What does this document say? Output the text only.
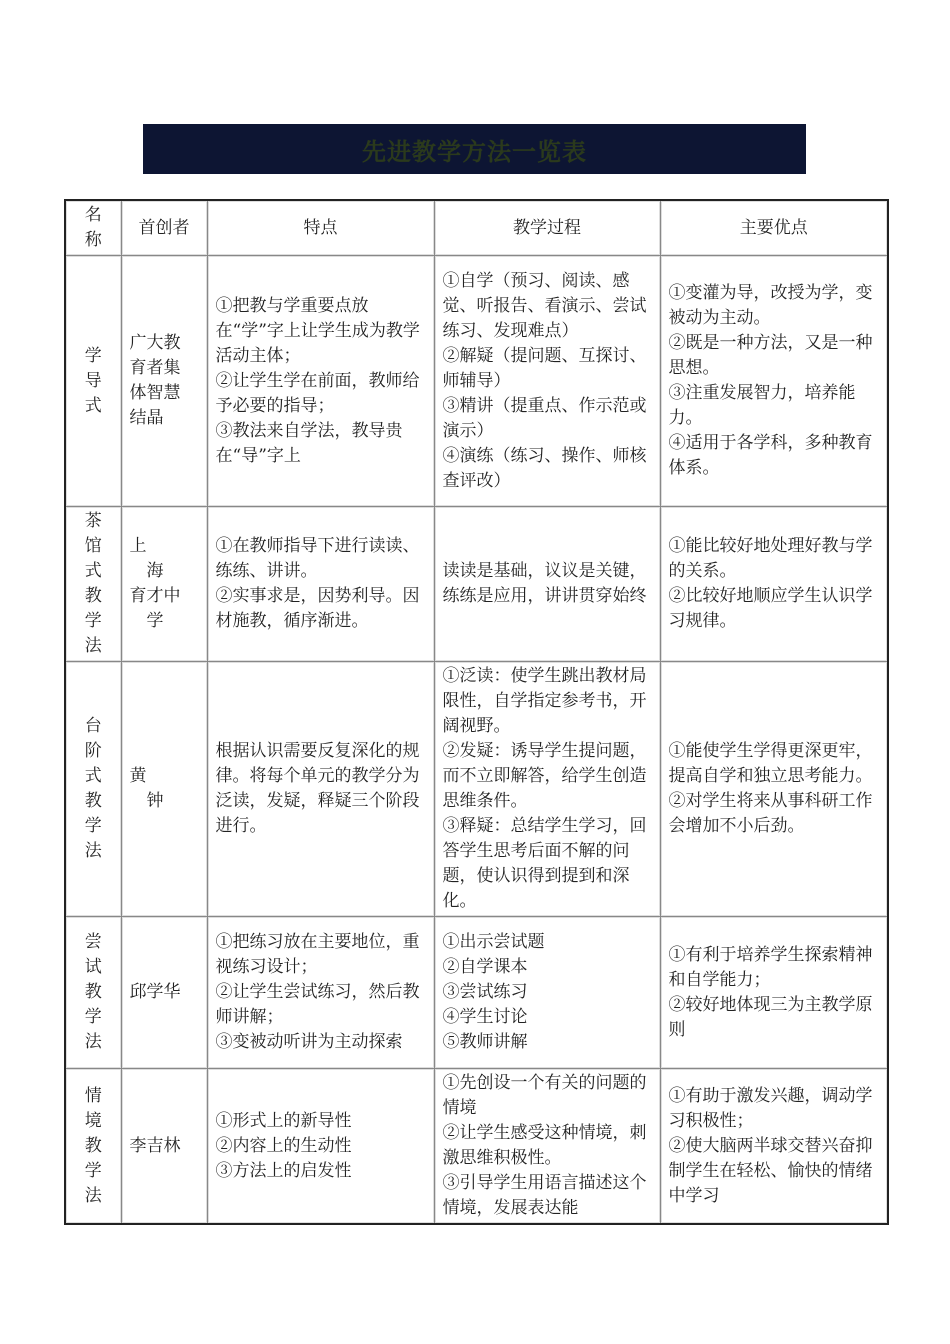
先进教学方法一览表
名称	首创者	特点	教学过程	主要优点
学导式	广大教
育者集
体智慧
结晶	①把教与学重要点放在“学”字上让学生成为教学活动主体；
②让学生学在前面，教师给予必要的指导；
③教法来自学法，教导贵在“导”字上	①自学（预习、阅读、感觉、听报告、看演示、尝试练习、发现难点）
②解疑（提问题、互探讨、师辅导）
③精讲（提重点、作示范或演示）
④演练（练习、操作、师核查评改）	①变灌为导，改授为学，变被动为主动。
②既是一种方法，又是一种思想。
③注重发展智力，培养能力。
④适用于各学科，多种教育体系。

茶馆式教学法	上
　海
育才中
　学	①在教师指导下进行读读、练练、讲讲。
②实事求是，因势利导。因材施教，循序渐进。	读读是基础，议议是关键，练练是应用，讲讲贯穿始终	①能比较好地处理好教与学的关系。
②比较好地顺应学生认识学习规律。

台阶式教学法	黄
　钟	根据认识需要反复深化的规律。将每个单元的教学分为泛读，发疑，释疑三个阶段进行。	①泛读：使学生跳出教材局限性，自学指定参考书，开阔视野。
②发疑：诱导学生提问题，而不立即解答，给学生创造思维条件。
③释疑：总结学生学习，回答学生思考后面不解的问题，使认识得到提到和深化。	①能使学生学得更深更牢，提高自学和独立思考能力。
②对学生将来从事科研工作会增加不小后劲。

尝试教学法	邱学华	①把练习放在主要地位，重视练习设计；
②让学生尝试练习，然后教师讲解；
③变被动听讲为主动探索	①出示尝试题
②自学课本
③尝试练习
④学生讨论
⑤教师讲解	①有利于培养学生探索精神和自学能力；
②较好地体现三为主教学原则

情境教学法	李吉林	①形式上的新导性
②内容上的生动性
③方法上的启发性	①先创设一个有关的问题的情境
②让学生感受这种情境，刺激思维积极性。
③引导学生用语言描述这个情境，发展表达能	①有助于激发兴趣，调动学习积极性；
②使大脑两半球交替兴奋抑制学生在轻松、愉快的情绪中学习
